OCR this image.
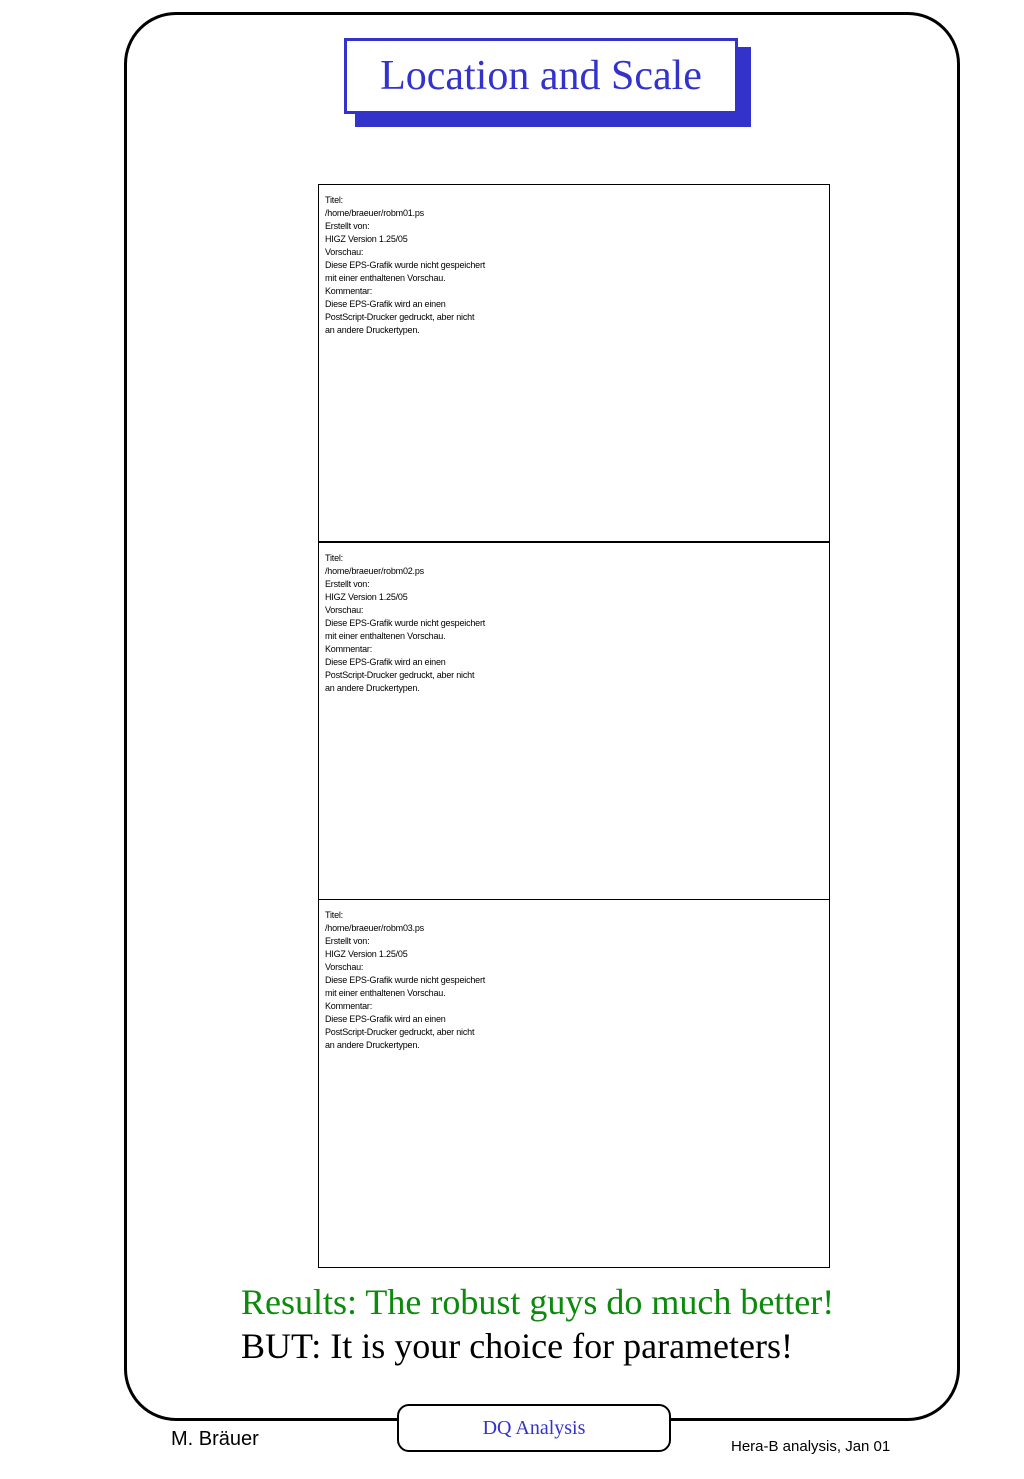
Location and Scale
Titel:
/home/braeuer/robm01.ps
Erstellt von:
HIGZ Version 1.25/05
Vorschau:
Diese EPS-Grafik wurde nicht gespeichert
mit einer enthaltenen Vorschau.
Kommentar:
Diese EPS-Grafik wird an einen
PostScript-Drucker gedruckt, aber nicht
an andere Druckertypen.
Titel:
/home/braeuer/robm02.ps
Erstellt von:
HIGZ Version 1.25/05
Vorschau:
Diese EPS-Grafik wurde nicht gespeichert
mit einer enthaltenen Vorschau.
Kommentar:
Diese EPS-Grafik wird an einen
PostScript-Drucker gedruckt, aber nicht
an andere Druckertypen.
Titel:
/home/braeuer/robm03.ps
Erstellt von:
HIGZ Version 1.25/05
Vorschau:
Diese EPS-Grafik wurde nicht gespeichert
mit einer enthaltenen Vorschau.
Kommentar:
Diese EPS-Grafik wird an einen
PostScript-Drucker gedruckt, aber nicht
an andere Druckertypen.
Results: The robust guys do much better!
BUT: It is your choice for parameters!
M. Bräuer
DQ Analysis
Hera-B analysis, Jan 01
